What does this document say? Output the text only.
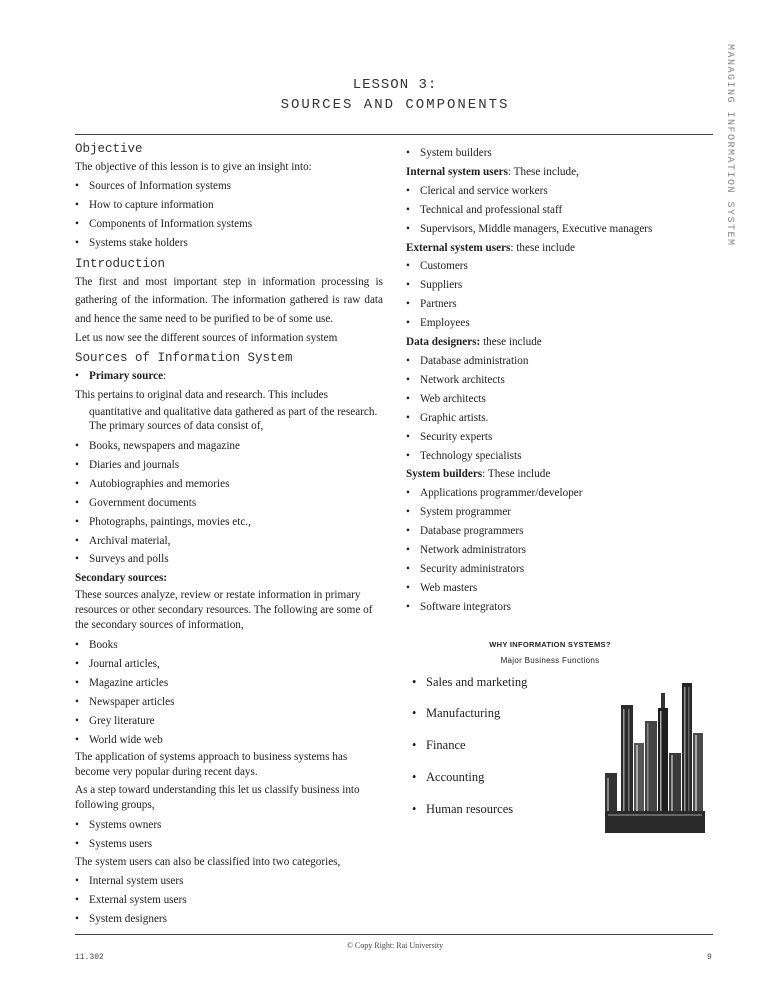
LESSON 3:
SOURCES AND COMPONENTS	MANAGING INFORMATION SYSTEM
Objective

The objective of this lesson is to give an insight into:

• Sources of Information systems
• How to capture information
• Components of Information systems
• Systems stake holders
Introduction

The first and most important step in information processing is gathering of the information. The information gathered is raw data and hence the same need to be purified to be of some use.

Let us now see the different sources of information system

Sources of Information System
• Primary source:

This pertains to original data and research. This includes

quantitative and qualitative data gathered as part of the research. The primary sources of data consist of,

• Books, newspapers and magazine
• Diaries and journals
• Autobiographies and memories
• Government documents
• Photographs, paintings, movies etc.,
• Archival material,
• Surveys and polls

Secondary sources:

These sources analyze, review or restate information in primary resources or other secondary resources. The following are some of the secondary sources of information,

• Books
• Journal articles,
• Magazine articles
• Newspaper articles
• Grey literature
• World wide web

The application of systems approach to business systems has become very popular during recent days.

As a step toward understanding this let us classify business into following groups,

• Systems owners
• Systems users

The system users can also be classified into two categories,

• Internal system users
• External system users
• System designers
• System builders

Internal system users: These include,

• Clerical and service workers
• Technical and professional staff
• Supervisors, Middle managers, Executive managers

External system users: these include

• Customers
• Suppliers
• Partners
• Employees

Data designers: these include

• Database administration
• Network architects
• Web architects
• Graphic artists.
• Security experts
• Technology specialists

System builders: These include

• Applications programmer/developer
• System programmer
• Database programmers
• Network administrators
• Security administrators
• Web masters
• Software integrators
WHY INFORMATION SYSTEMS?
Major Business Functions
• Sales and marketing
• Manufacturing
• Finance
• Accounting
• Human resources
© Copy Right: Rai University
11.302	9
